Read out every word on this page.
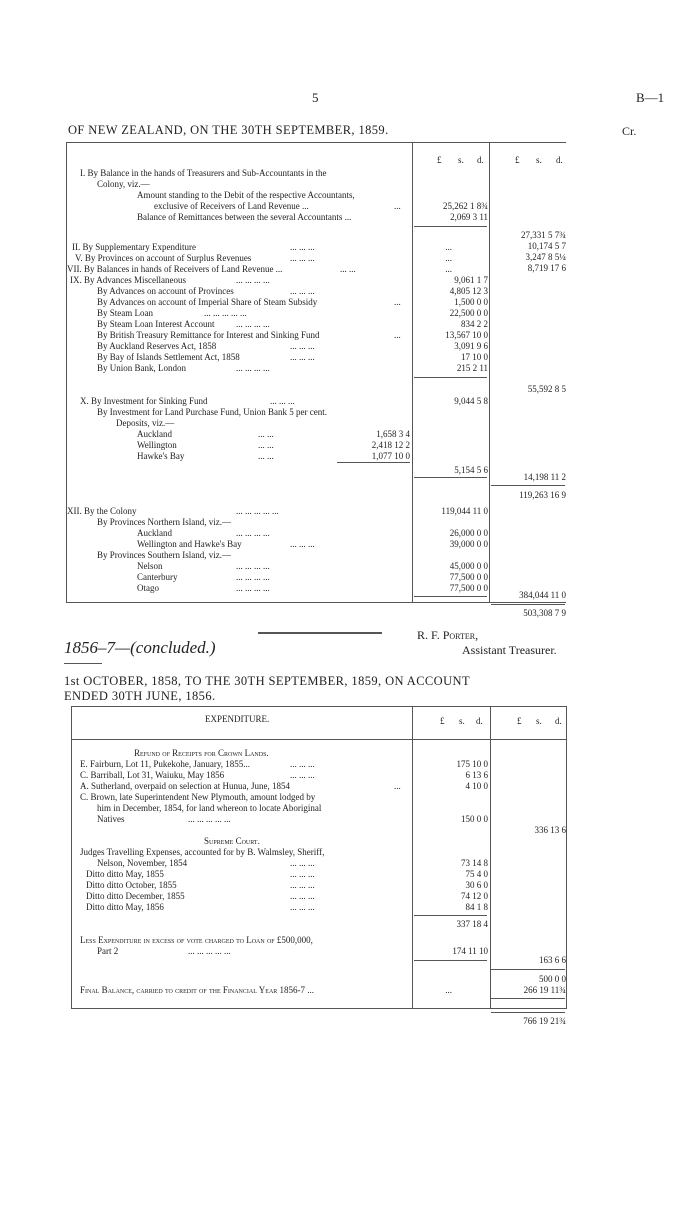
5	B—1
OF NEW ZEALAND, ON THE 30TH SEPTEMBER, 1859.	Cr.
£ s. d.	£ s. d.
I. By Balance in the hands of Treasurers and Sub-Accountants in the
Colony, viz.—
Amount standing to the Debit of the respective Accountants,
exclusive of Receivers of Land Revenue ...	...	25,262 1 8¾
Balance of Remittances between the several Accountants ...	2,069 3 11
27,331 5 7¾
II. By Supplementary Expenditure	... ... ...	...	10,174 5 7
V. By Provinces on account of Surplus Revenues	... ... ...	...	3,247 8 5¼
VII. By Balances in hands of Receivers of Land Revenue ...	... ...	...	8,719 17 6
IX. By Advances Miscellaneous	... ... ... ...	9,061 1 7
By Advances on account of Provinces	... ... ...	4,805 12 3
By Advances on account of Imperial Share of Steam Subsidy	...	1,500 0 0
By Steam Loan	... ... ... ... ...	22,500 0 0
By Steam Loan Interest Account ... ... ... ...	834 2 2
By British Treasury Remittance for Interest and Sinking Fund	...	13,567 10 0
By Auckland Reserves Act, 1858	... ... ...	3,091 9 6
By Bay of Islands Settlement Act, 1858	... ... ...	17 10 0
By Union Bank, London	... ... ... ...	215 2 11
55,592 8 5
X. By Investment for Sinking Fund	... ... ...	9,044 5 8
By Investment for Land Purchase Fund, Union Bank 5 per cent.
Deposits, viz.—
Auckland	... ...	1,658 3 4
Wellington	... ...	2,418 12 2
Hawke's Bay	... ...	1,077 10 0
5,154 5 6
14,198 11 2
119,263 16 9
XII. By the Colony	... ... ... ... ...	119,044 11 0
By Provinces Northern Island, viz.—
Auckland	... ... ... ...	26,000 0 0
Wellington and Hawke's Bay	... ... ...	39,000 0 0
By Provinces Southern Island, viz.—
Nelson	... ... ... ...	45,000 0 0
Canterbury	... ... ... ...	77,500 0 0
Otago	... ... ... ...	77,500 0 0
384,044 11 0
503,308 7 9
R. F. Porter,
Assistant Treasurer.
1856–7—(concluded.)
1st OCTOBER, 1858, TO THE 30TH SEPTEMBER, 1859, ON ACCOUNT
ENDED 30TH JUNE, 1856.
EXPENDITURE.	£ s. d.	£ s. d.
Refund of Receipts for Crown Lands.
E. Fairburn, Lot 11, Pukekohe, January, 1855...	... ... ...	175 10 0
C. Barriball, Lot 31, Waiuku, May 1856	... ... ...	6 13 6
A. Sutherland, overpaid on selection at Hunua, June, 1854	...	4 10 0
C. Brown, late Superintendent New Plymouth, amount lodged by
him in December, 1854, for land whereon to locate Aboriginal
Natives	... ... ... ... ...	150 0 0
336 13 6
Supreme Court.
Judges Travelling Expenses, accounted for by B. Walmsley, Sheriff,
Nelson, November, 1854	... ... ...	73 14 8
Ditto ditto May, 1855	... ... ...	75 4 0
Ditto ditto October, 1855	... ... ...	30 6 0
Ditto ditto December, 1855	... ... ...	74 12 0
Ditto ditto May, 1856	... ... ...	84 1 8
337 18 4
Less Expenditure in excess of vote charged to Loan of £500,000,
Part 2	... ... ... ... ...	174 11 10
163 6 6
500 0 0
Final Balance, carried to credit of the Financial Year 1856-7 ...	...	266 19 11¾
766 19 21¾
